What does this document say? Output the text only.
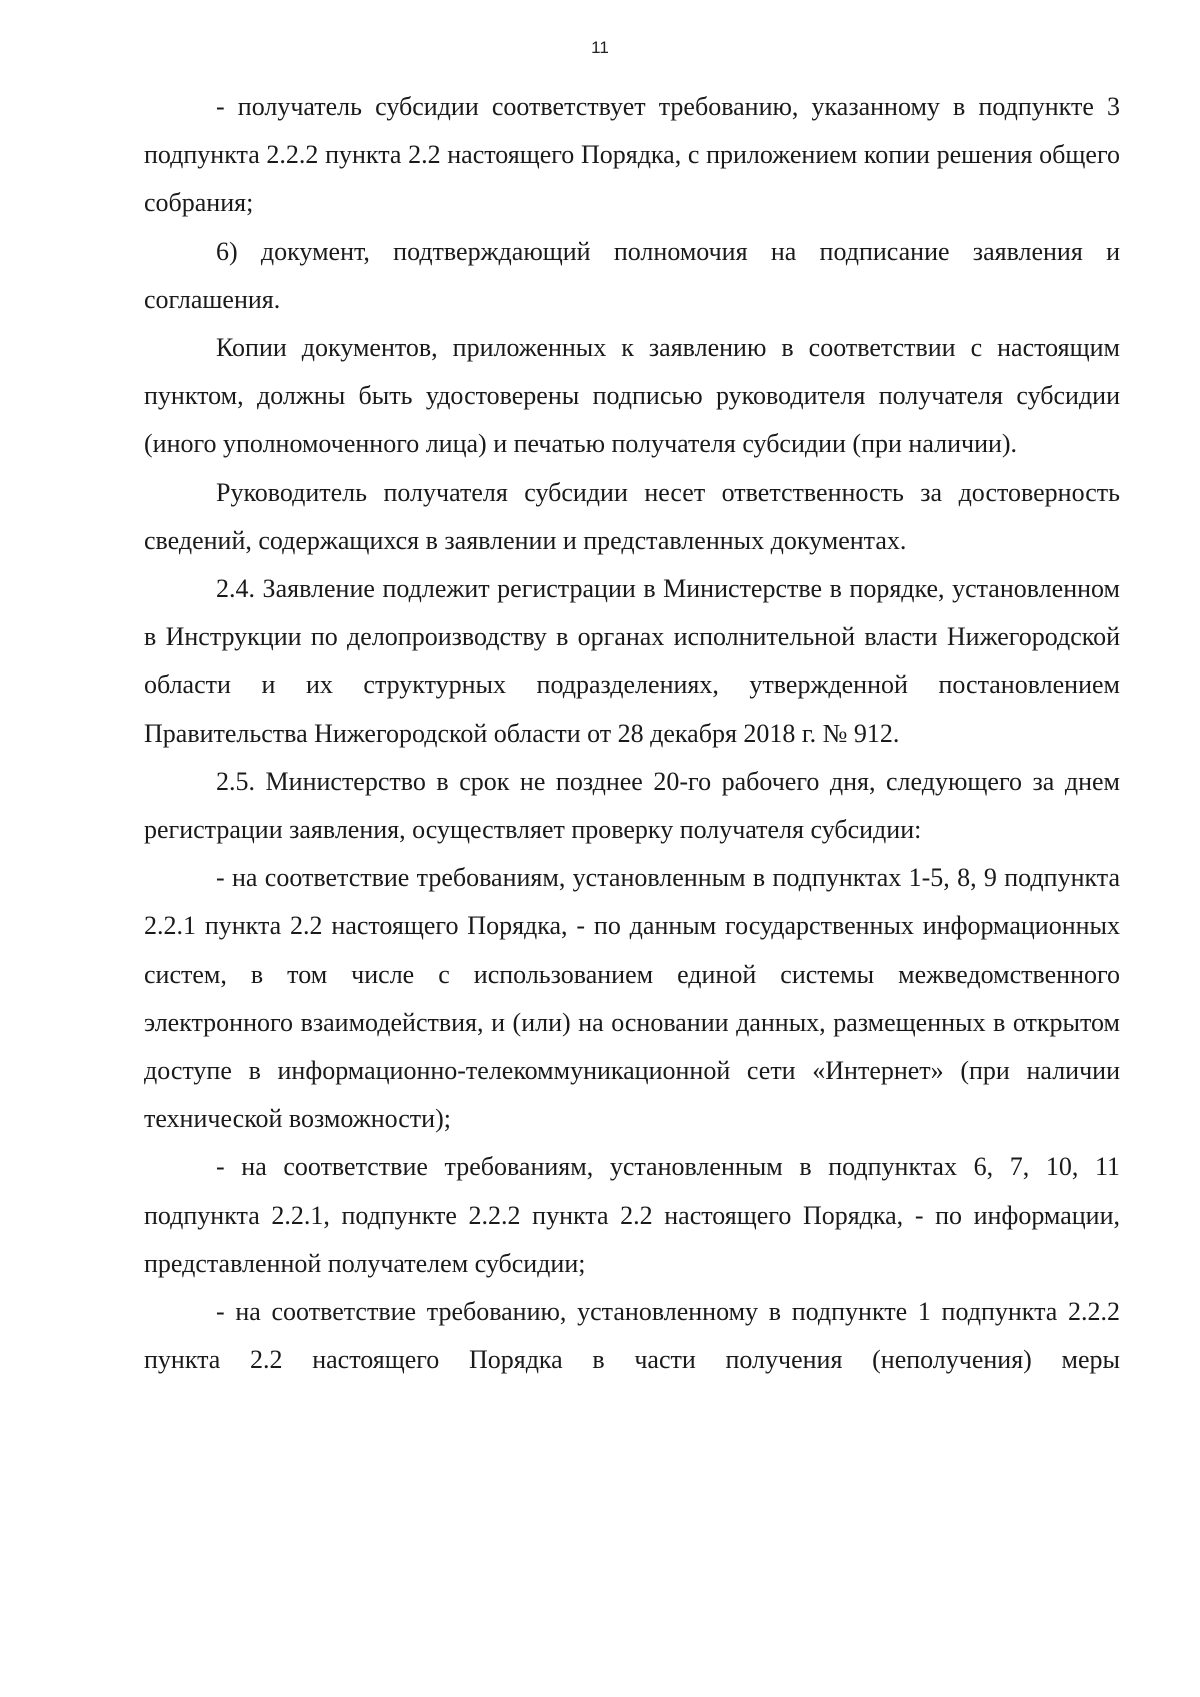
11

- получатель субсидии соответствует требованию, указанному в подпункте 3 подпункта 2.2.2 пункта 2.2 настоящего Порядка, с приложением копии решения общего собрания;

6) документ, подтверждающий полномочия на подписание заявления и соглашения.

Копии документов, приложенных к заявлению в соответствии с настоящим пунктом, должны быть удостоверены подписью руководителя получателя субсидии (иного уполномоченного лица) и печатью получателя субсидии (при наличии).

Руководитель получателя субсидии несет ответственность за достоверность сведений, содержащихся в заявлении и представленных документах.

2.4. Заявление подлежит регистрации в Министерстве в порядке, установленном в Инструкции по делопроизводству в органах исполнительной власти Нижегородской области и их структурных подразделениях, утвержденной постановлением Правительства Нижегородской области от 28 декабря 2018 г. № 912.

2.5. Министерство в срок не позднее 20-го рабочего дня, следующего за днем регистрации заявления, осуществляет проверку получателя субсидии:

- на соответствие требованиям, установленным в подпунктах 1-5, 8, 9 подпункта 2.2.1 пункта 2.2 настоящего Порядка, - по данным государственных информационных систем, в том числе с использованием единой системы межведомственного электронного взаимодействия, и (или) на основании данных, размещенных в открытом доступе в информационно-телекоммуникационной сети «Интернет» (при наличии технической возможности);

- на соответствие требованиям, установленным в подпунктах 6, 7, 10, 11 подпункта 2.2.1, подпункте 2.2.2 пункта 2.2 настоящего Порядка, - по информации, представленной получателем субсидии;

- на соответствие требованию, установленному в подпункте 1 подпункта 2.2.2 пункта 2.2 настоящего Порядка в части получения (неполучения) меры
